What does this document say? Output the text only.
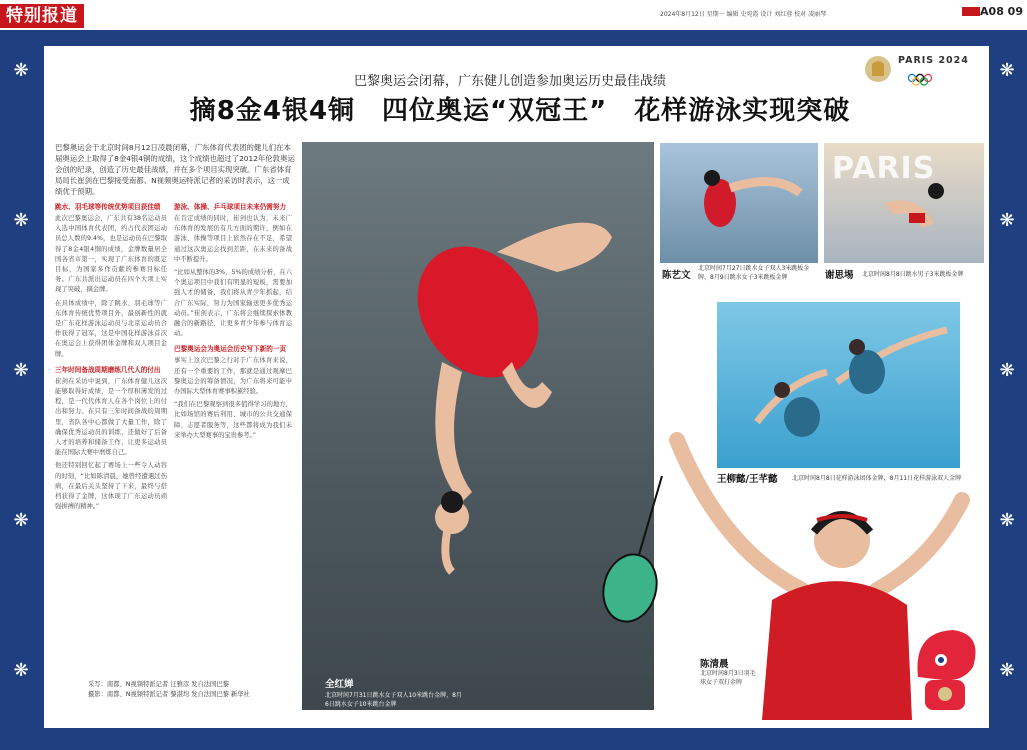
特别报道	2024年8月12日 星期一 编辑 史宛霞 设计 刘红蓉 校对 凌丽琴	A08 09
❋
❋
❋
❋
❋
❋
❋
❋
❋
❋
PARIS 2024
巴黎奥运会闭幕，广东健儿创造参加奥运历史最佳战绩
摘8金4银4铜　四位奥运“双冠王”　花样游泳实现突破
巴黎奥运会于北京时间8月12日凌晨闭幕，广东体育代表团的健儿们在本届奥运会上取得了8金4银4铜的成绩，这个成绩也超过了2012年伦敦奥运会创的纪录，创造了历史最佳战绩，并在多个项目实现突破。广东省体育局局长崔剑在巴黎接受南都、N视频奥运特派记者的采访时表示，这一成绩优于预期。
跳水、羽毛球等传统优势项目获佳绩
此次巴黎奥运会，广东共有38名运动员入选中国体育代表团，约占代表团运动员总人数的9.4%，也是运动员在巴黎取得了8金4银4铜的成绩，金牌数量居全国各省市第一，实现了广东体育的既定目标，为国家多作贡献的参赛目标任务。广东共派出运动员在四个大项上实现了突破，摘金牌。
在具体成绩中，除了跳水、羽毛球等广东体育传统优势项目外，最创新性的就是广东花样游泳运动员与北京运动员合作获得了冠军，这是中国花样游泳首次在奥运会上获得团体金牌和双人项目金牌。
三年时间备战周期磨练几代人的付出
崔剑在采访中说到，广东体育健儿这次能够取得好成绩，是一个厚积薄发的过程，是一代代体育人在各个岗位上的付出和努力。在只有三年时间备战的周期里，省队各中心都做了大量工作，除了确保优秀运动员的训练，还做好了后备人才的培养和储备工作，让更多运动员能在国际大赛中磨炼自己。
他还特别回忆起了赛场上一些令人动容的时刻，“比如陈清晨，她曾经遭遇过伤病，在最后关头坚持了下来，最终与搭档获得了金牌，这体现了广东运动员顽强拼搏的精神。”
游泳、体操、乒乓球项目未来仍需努力
在肯定成绩的同时，崔剑也认为，未来广东体育的发展仍有几方面的期许，例如在游泳、体操等项目上依然存在不足，希望通过这次奥运会找到差距，在未来的备战中不断提升。
“比如从整体的3%、5%的成绩分析，在六个奥运项目中我们有明显的短板，需要加强人才的储备，我们将从青少年抓起，结合广东实际，努力为国家输送更多优秀运动员。”崔剑表示，广东将会继续探索体教融合的新路径，让更多青少年参与体育运动。
巴黎奥运会为奥运会历史写下新的一页
事实上这次巴黎之行对于广东体育来说，还有一个重要的工作，那就是通过观摩巴黎奥运会的筹备情况，为广东将来可能申办国际大型体育赛事积累经验。
“我们在巴黎观察到很多值得学习的地方，比如场馆的赛后利用、城市的公共交通保障、志愿者服务等，这些都将成为我们未来举办大型赛事的宝贵参考。”
采写：南都、N视频特派记者 汪雅彦 发自法国巴黎
摄影：南都、N视频特派记者 黎湛均 发自法国巴黎 新华社
全红婵
北京时间7月31日跳水女子双人10米跳台金牌，8月6日跳水女子10米跳台金牌
陈艺文
北京时间7月27日跳水女子双人3米跳板金牌，8月9日跳水女子3米跳板金牌
PARIS
谢思埸 北京时间8月8日跳水男子3米跳板金牌
王柳懿/王芊懿 北京时间8月8日花样游泳团体金牌，8月11日花样游泳双人金牌
陈清晨
北京时间8月3日羽毛球女子双打金牌
